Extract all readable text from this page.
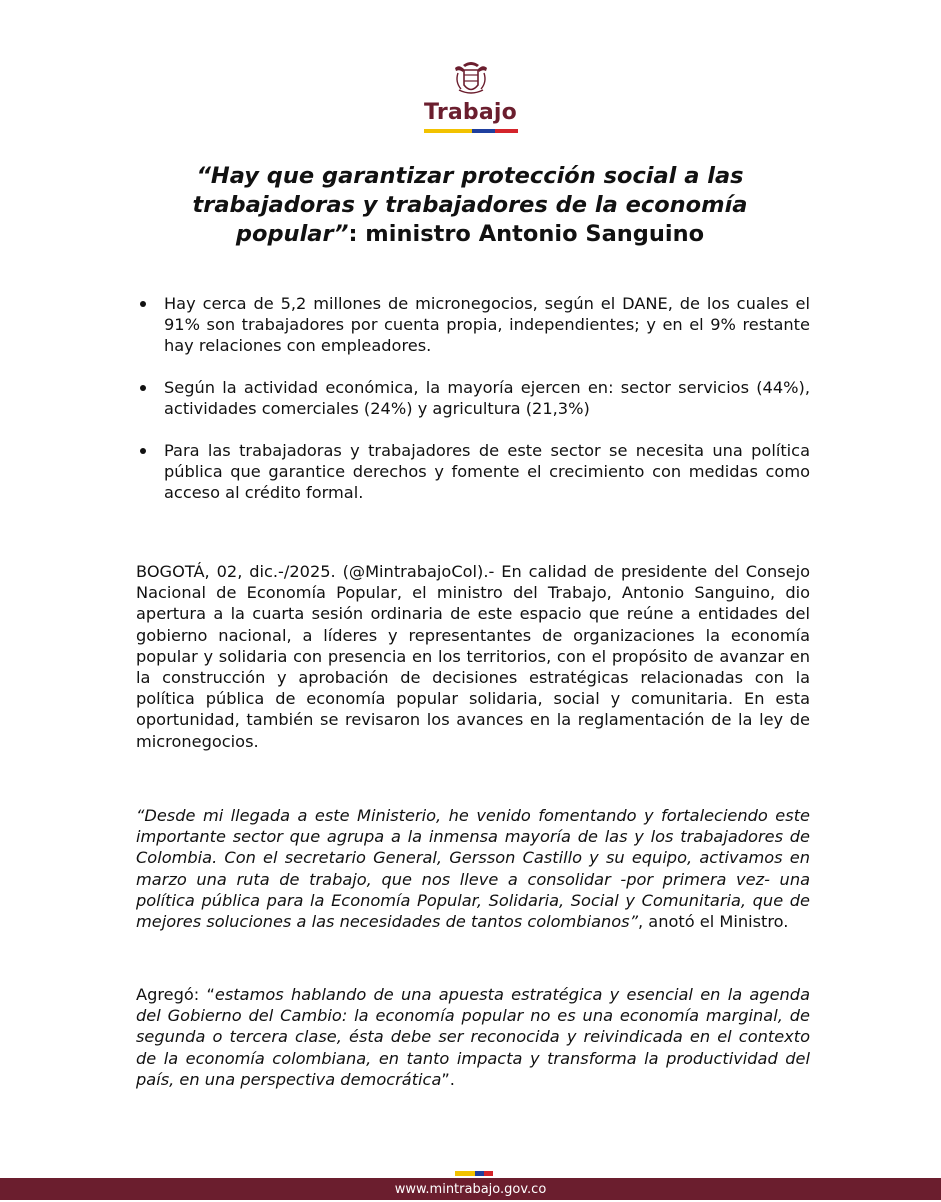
Trabajo
“Hay que garantizar protección social a las trabajadoras y trabajadores de la economía popular”: ministro Antonio Sanguino
Hay cerca de 5,2 millones de micronegocios, según el DANE, de los cuales el 91% son trabajadores por cuenta propia, independientes; y en el 9% restante hay relaciones con empleadores.
Según la actividad económica, la mayoría ejercen en: sector servicios (44%), actividades comerciales (24%) y agricultura (21,3%)
Para las trabajadoras y trabajadores de este sector se necesita una política pública que garantice derechos y fomente el crecimiento con medidas como acceso al crédito formal.

BOGOTÁ, 02, dic.-/2025. (@MintrabajoCol).- En calidad de presidente del Consejo Nacional de Economía Popular, el ministro del Trabajo, Antonio Sanguino, dio apertura a la cuarta sesión ordinaria de este espacio que reúne a entidades del gobierno nacional, a líderes y representantes de organizaciones la economía popular y solidaria con presencia en los territorios, con el propósito de avanzar en la construcción y aprobación de decisiones estratégicas relacionadas con la política pública de economía popular solidaria, social y comunitaria. En esta oportunidad, también se revisaron los avances en la reglamentación de la ley de micronegocios.

“Desde mi llegada a este Ministerio, he venido fomentando y fortaleciendo este importante sector que agrupa a la inmensa mayoría de las y los trabajadores de Colombia. Con el secretario General, Gersson Castillo y su equipo, activamos en marzo una ruta de trabajo, que nos lleve a consolidar -por primera vez- una política pública para la Economía Popular, Solidaria, Social y Comunitaria, que de mejores soluciones a las necesidades de tantos colombianos”, anotó el Ministro.

Agregó: “estamos hablando de una apuesta estratégica y esencial en la agenda del Gobierno del Cambio: la economía popular no es una economía marginal, de segunda o tercera clase, ésta debe ser reconocida y reivindicada en el contexto de la economía colombiana, en tanto impacta y transforma la productividad del país, en una perspectiva democrática”.

www.mintrabajo.gov.co
